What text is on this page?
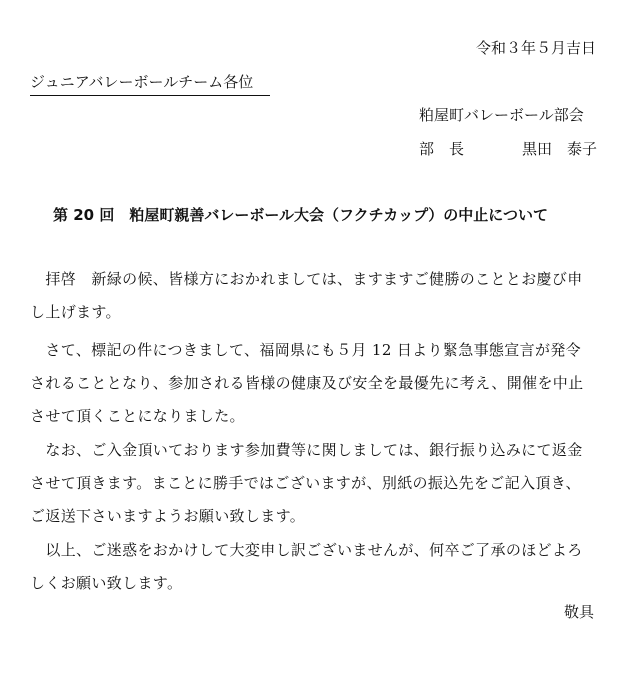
令和３年５月吉日
ジュニアバレーボールチーム各位
粕屋町バレーボール部会
部　長	黒田　泰子
第 20 回　粕屋町親善バレーボール大会（フクチカップ）の中止について
　拝啓　新緑の候、皆様方におかれましては、ますますご健勝のこととお慶び申
し上げます。
　さて、標記の件につきまして、福岡県にも５月 12 日より緊急事態宣言が発令
されることとなり、参加される皆様の健康及び安全を最優先に考え、開催を中止
させて頂くことになりました。
　なお、ご入金頂いております参加費等に関しましては、銀行振り込みにて返金
させて頂きます。まことに勝手ではございますが、別紙の振込先をご記入頂き、
ご返送下さいますようお願い致します。
　以上、ご迷惑をおかけして大変申し訳ございませんが、何卒ご了承のほどよろ
しくお願い致します。
敬具
